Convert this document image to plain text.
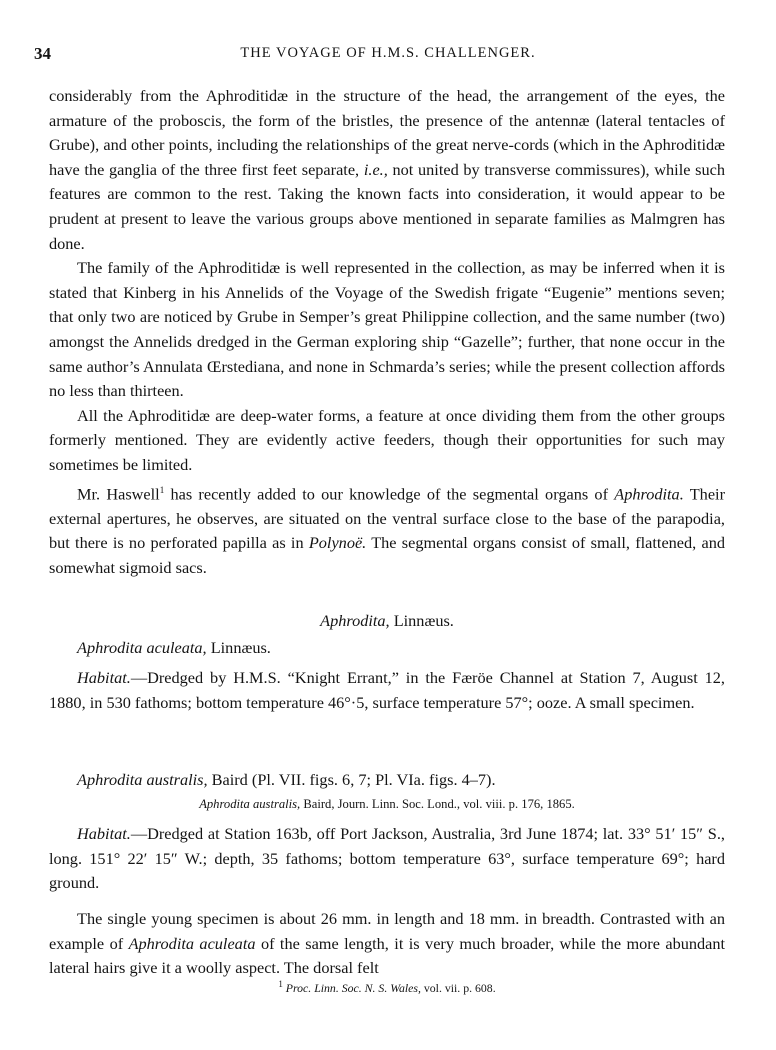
34	THE VOYAGE OF H.M.S. CHALLENGER.

considerably from the Aphroditidæ in the structure of the head, the arrangement of the eyes, the armature of the proboscis, the form of the bristles, the presence of the antennæ (lateral tentacles of Grube), and other points, including the relationships of the great nerve-cords (which in the Aphroditidæ have the ganglia of the three first feet separate, i.e., not united by transverse commissures), while such features are common to the rest. Taking the known facts into consideration, it would appear to be prudent at present to leave the various groups above mentioned in separate families as Malmgren has done.

The family of the Aphroditidæ is well represented in the collection, as may be inferred when it is stated that Kinberg in his Annelids of the Voyage of the Swedish frigate “Eugenie” mentions seven; that only two are noticed by Grube in Semper’s great Philippine collection, and the same number (two) amongst the Annelids dredged in the German exploring ship “Gazelle”; further, that none occur in the same author’s Annulata Œrstediana, and none in Schmarda’s series; while the present collection affords no less than thirteen.

All the Aphroditidæ are deep-water forms, a feature at once dividing them from the other groups formerly mentioned. They are evidently active feeders, though their opportunities for such may sometimes be limited.

Mr. Haswell$^1$ has recently added to our knowledge of the segmental organs of Aphrodita. Their external apertures, he observes, are situated on the ventral surface close to the base of the parapodia, but there is no perforated papilla as in Polynoë. The segmental organs consist of small, flattened, and somewhat sigmoid sacs.

Aphrodita, Linnæus.
Aphrodita aculeata, Linnæus.

Habitat.—Dredged by H.M.S. “Knight Errant,” in the Færöe Channel at Station 7, August 12, 1880, in 530 fathoms; bottom temperature 46°·5, surface temperature 57°; ooze. A small specimen.

Aphrodita australis, Baird (Pl. VII. figs. 6, 7; Pl. VIa. figs. 4–7).
Aphrodita australis, Baird, Journ. Linn. Soc. Lond., vol. viii. p. 176, 1865.

Habitat.—Dredged at Station 163b, off Port Jackson, Australia, 3rd June 1874; lat. 33° 51′ 15″ S., long. 151° 22′ 15″ W.; depth, 35 fathoms; bottom temperature 63°, surface temperature 69°; hard ground.

The single young specimen is about 26 mm. in length and 18 mm. in breadth. Contrasted with an example of Aphrodita aculeata of the same length, it is very much broader, while the more abundant lateral hairs give it a woolly aspect. The dorsal felt

$^1$ Proc. Linn. Soc. N. S. Wales, vol. vii. p. 608.
